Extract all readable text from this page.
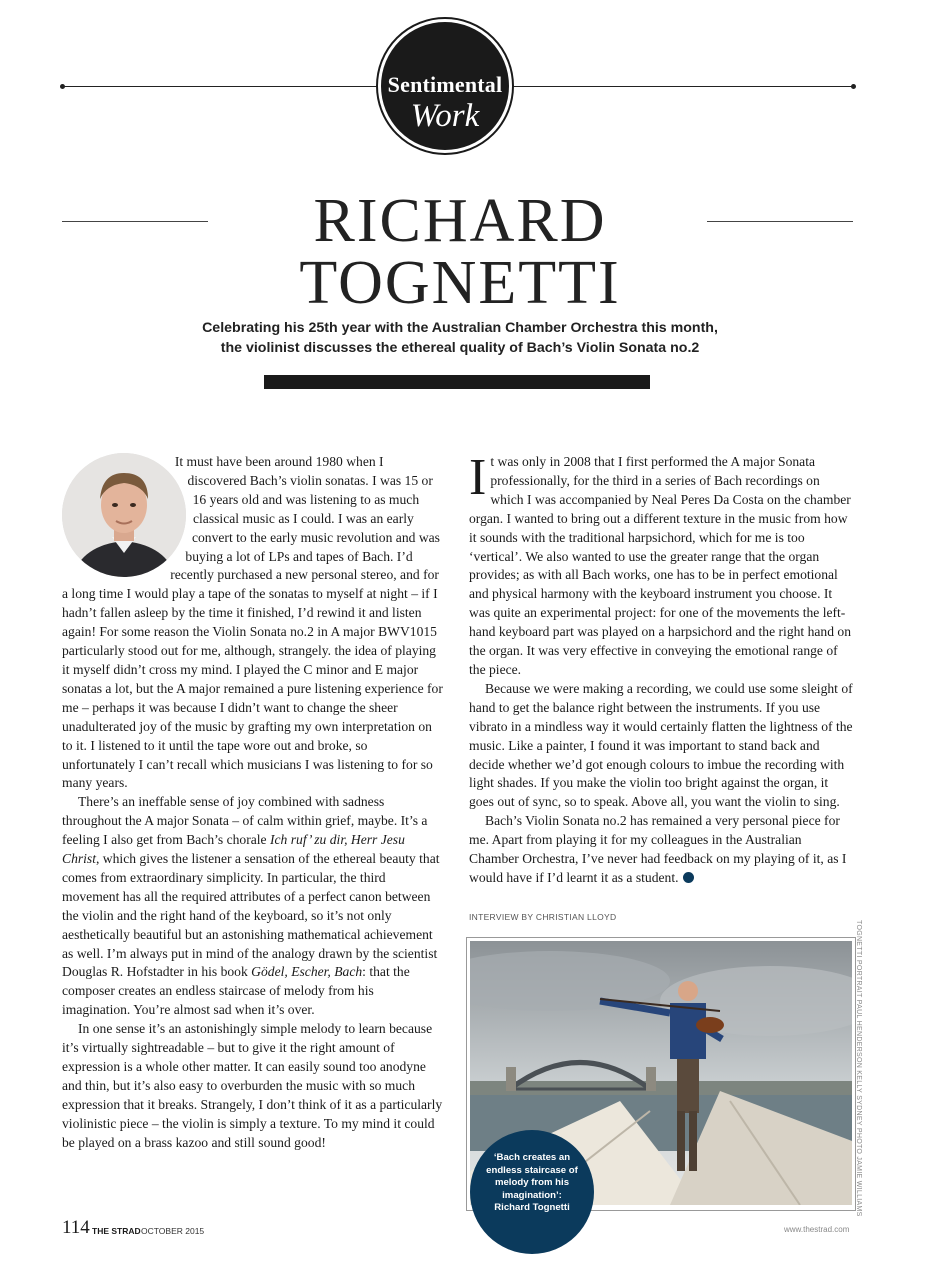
Sentimental
Work
RICHARD
TOGNETTI
Celebrating his 25th year with the Australian Chamber Orchestra this month,
the violinist discusses the ethereal quality of Bach’s Violin Sonata no.2

It must have been around 1980 when I discovered Bach’s violin sonatas. I was 15 or 16 years old and was listening to as much classical music as I could. I was an early convert to the early music revolution and was buying a lot of LPs and tapes of Bach. I’d recently purchased a new personal stereo, and for a long time I would play a tape of the sonatas to myself at night – if I hadn’t fallen asleep by the time it finished, I’d rewind it and listen again! For some reason the Violin Sonata no.2 in A major BWV1015 particularly stood out for me, although, strangely. the idea of playing it myself didn’t cross my mind. I played the C minor and E major sonatas a lot, but the A major remained a pure listening experience for me – perhaps it was because I didn’t want to change the sheer unadulterated joy of the music by grafting my own interpretation on to it. I listened to it until the tape wore out and broke, so unfortunately I can’t recall which musicians I was listening to for so many years.

There’s an ineffable sense of joy combined with sadness throughout the A major Sonata – of calm within grief, maybe. It’s a feeling I also get from Bach’s chorale Ich ruf’ zu dir, Herr Jesu Christ, which gives the listener a sensation of the ethereal beauty that comes from extraordinary simplicity. In particular, the third movement has all the required attributes of a perfect canon between the violin and the right hand of the keyboard, so it’s not only aesthetically beautiful but an astonishing mathematical achievement as well. I’m always put in mind of the analogy drawn by the scientist Douglas R. Hofstadter in his book Gödel, Escher, Bach: that the composer creates an endless staircase of melody from his imagination. You’re almost sad when it’s over.

In one sense it’s an astonishingly simple melody to learn because it’s virtually sightreadable – but to give it the right amount of expression is a whole other matter. It can easily sound too anodyne and thin, but it’s also easy to overburden the music with so much expression that it breaks. Strangely, I don’t think of it as a particularly violinistic piece – the violin is simply a texture. To my mind it could be played on a brass kazoo and still sound good!

I t was only in 2008 that I first performed the A major Sonata professionally, for the third in a series of Bach recordings on which I was accompanied by Neal Peres Da Costa on the chamber organ. I wanted to bring out a different texture in the music from how it sounds with the traditional harpsichord, which for me is too ‘vertical’. We also wanted to use the greater range that the organ provides; as with all Bach works, one has to be in perfect emotional and physical harmony with the keyboard instrument you choose. It was quite an experimental project: for one of the movements the left-hand keyboard part was played on a harpsichord and the right hand on the organ. It was very effective in conveying the emotional range of the piece.

Because we were making a recording, we could use some sleight of hand to get the balance right between the instruments. If you use vibrato in a mindless way it would certainly flatten the lightness of the music. Like a painter, I found it was important to stand back and decide whether we’d got enough colours to imbue the recording with light shades. If you make the violin too bright against the organ, it goes out of sync, so to speak. Above all, you want the violin to sing.

Bach’s Violin Sonata no.2 has remained a very personal piece for me. Apart from playing it for my colleagues in the Australian Chamber Orchestra, I’ve never had feedback on my playing of it, as I would have if I’d learnt it as a student.

INTERVIEW BY CHRISTIAN LLOYD
‘Bach creates an endless staircase of melody from his imagination’: Richard Tognetti	TOGNETTI PORTRAIT PAUL HENDERSON KELLY SYDNEY PHOTO JAMIE WILLIAMS
114 THE STRAD OCTOBER 2015	www.thestrad.com
